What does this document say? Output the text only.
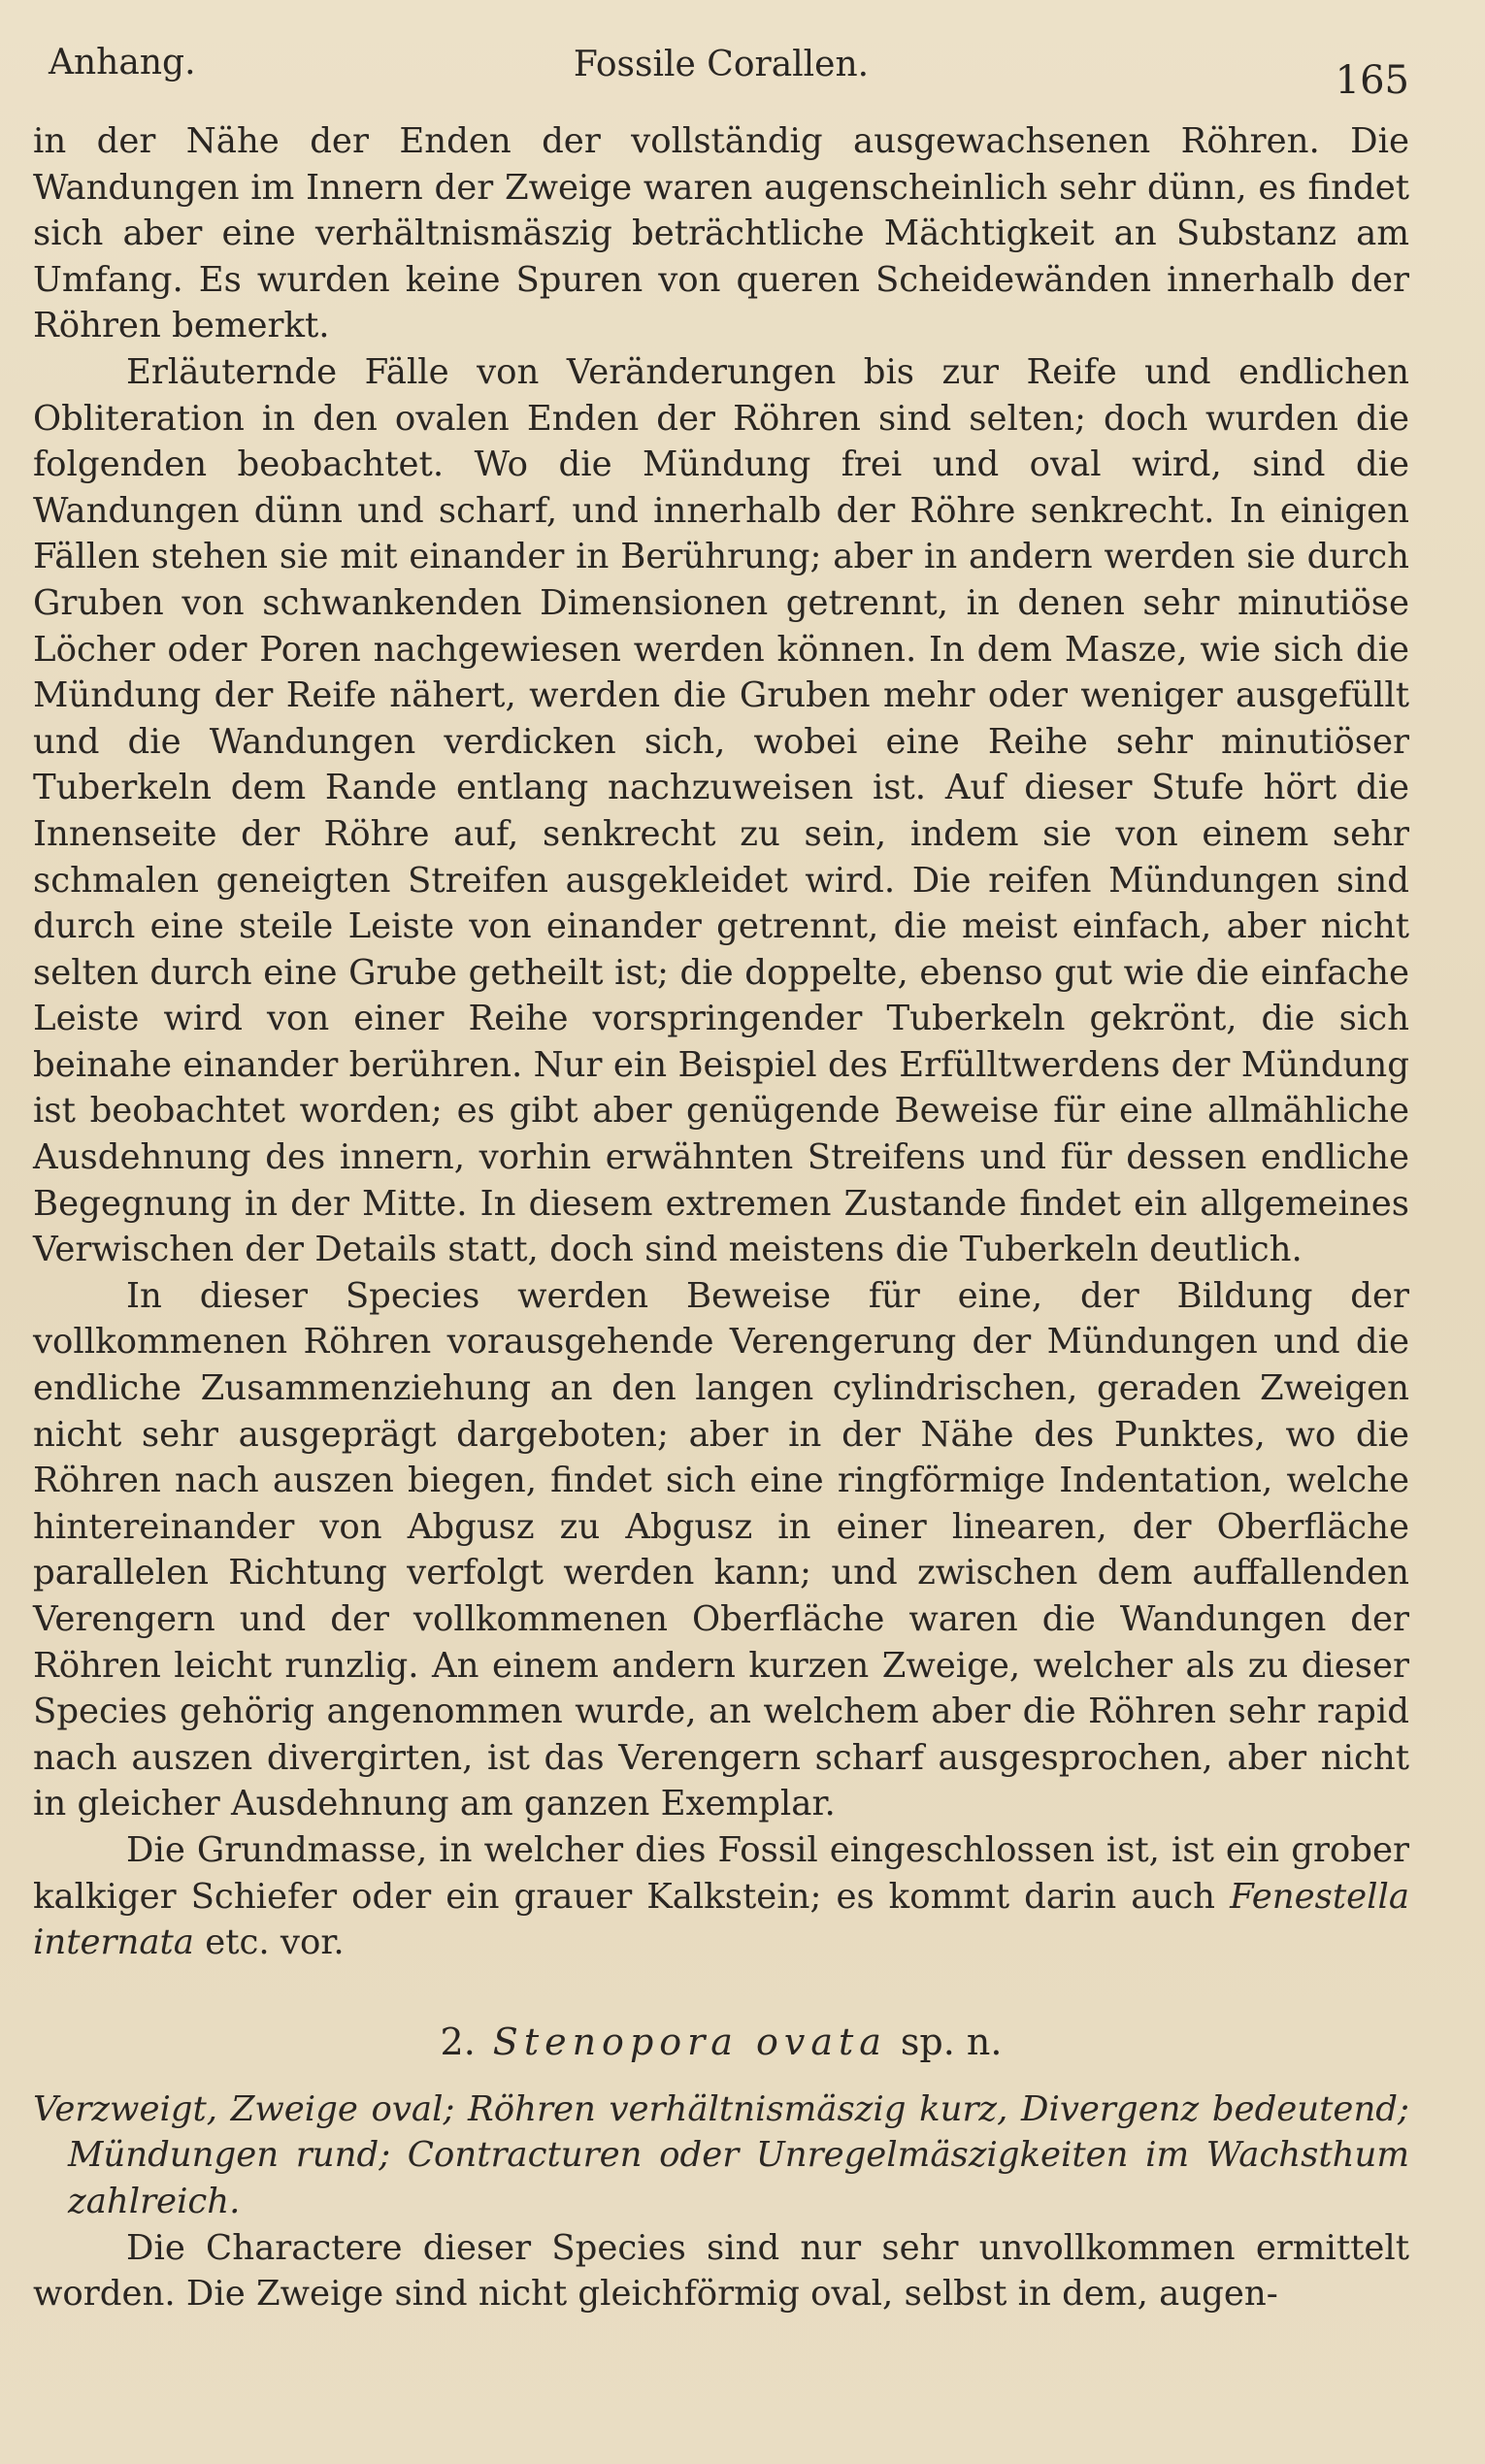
Anhang.	Fossile Corallen.	165

in der Nähe der Enden der vollständig ausgewachsenen Röhren. Die Wandungen im Innern der Zweige waren augenscheinlich sehr dünn, es findet sich aber eine verhältnismäszig beträchtliche Mächtigkeit an Substanz am Umfang. Es wurden keine Spuren von queren Scheidewänden innerhalb der Röhren bemerkt.

Erläuternde Fälle von Veränderungen bis zur Reife und endlichen Obliteration in den ovalen Enden der Röhren sind selten; doch wurden die folgenden beobachtet. Wo die Mündung frei und oval wird, sind die Wandungen dünn und scharf, und innerhalb der Röhre senkrecht. In einigen Fällen stehen sie mit einander in Berührung; aber in andern werden sie durch Gruben von schwankenden Dimensionen getrennt, in denen sehr minutiöse Löcher oder Poren nachgewiesen werden können. In dem Masze, wie sich die Mündung der Reife nähert, werden die Gruben mehr oder weniger ausgefüllt und die Wandungen verdicken sich, wobei eine Reihe sehr minutiöser Tuberkeln dem Rande entlang nachzuweisen ist. Auf dieser Stufe hört die Innenseite der Röhre auf, senkrecht zu sein, indem sie von einem sehr schmalen geneigten Streifen ausgekleidet wird. Die reifen Mündungen sind durch eine steile Leiste von einander getrennt, die meist einfach, aber nicht selten durch eine Grube getheilt ist; die doppelte, ebenso gut wie die einfache Leiste wird von einer Reihe vorspringender Tuberkeln gekrönt, die sich beinahe einander berühren. Nur ein Beispiel des Erfülltwerdens der Mündung ist beobachtet worden; es gibt aber genügende Beweise für eine allmähliche Ausdehnung des innern, vorhin erwähnten Streifens und für dessen endliche Begegnung in der Mitte. In diesem extremen Zustande findet ein allgemeines Verwischen der Details statt, doch sind meistens die Tuberkeln deutlich.

In dieser Species werden Beweise für eine, der Bildung der vollkommenen Röhren vorausgehende Verengerung der Mündungen und die endliche Zusammenziehung an den langen cylindrischen, geraden Zweigen nicht sehr ausgeprägt dargeboten; aber in der Nähe des Punktes, wo die Röhren nach auszen biegen, findet sich eine ringförmige Indentation, welche hintereinander von Abgusz zu Abgusz in einer linearen, der Oberfläche parallelen Richtung verfolgt werden kann; und zwischen dem auffallenden Verengern und der vollkommenen Oberfläche waren die Wandungen der Röhren leicht runzlig. An einem andern kurzen Zweige, welcher als zu dieser Species gehörig angenommen wurde, an welchem aber die Röhren sehr rapid nach auszen divergirten, ist das Verengern scharf ausgesprochen, aber nicht in gleicher Ausdehnung am ganzen Exemplar.

Die Grundmasse, in welcher dies Fossil eingeschlossen ist, ist ein grober kalkiger Schiefer oder ein grauer Kalkstein; es kommt darin auch Fenestella internata etc. vor.

2. Stenopora ovata sp. n.

Verzweigt, Zweige oval; Röhren verhältnismäszig kurz, Divergenz bedeutend; Mündungen rund; Contracturen oder Unregelmäszigkeiten im Wachsthum zahlreich.

Die Charactere dieser Species sind nur sehr unvollkommen ermittelt worden. Die Zweige sind nicht gleichförmig oval, selbst in dem, augen-
